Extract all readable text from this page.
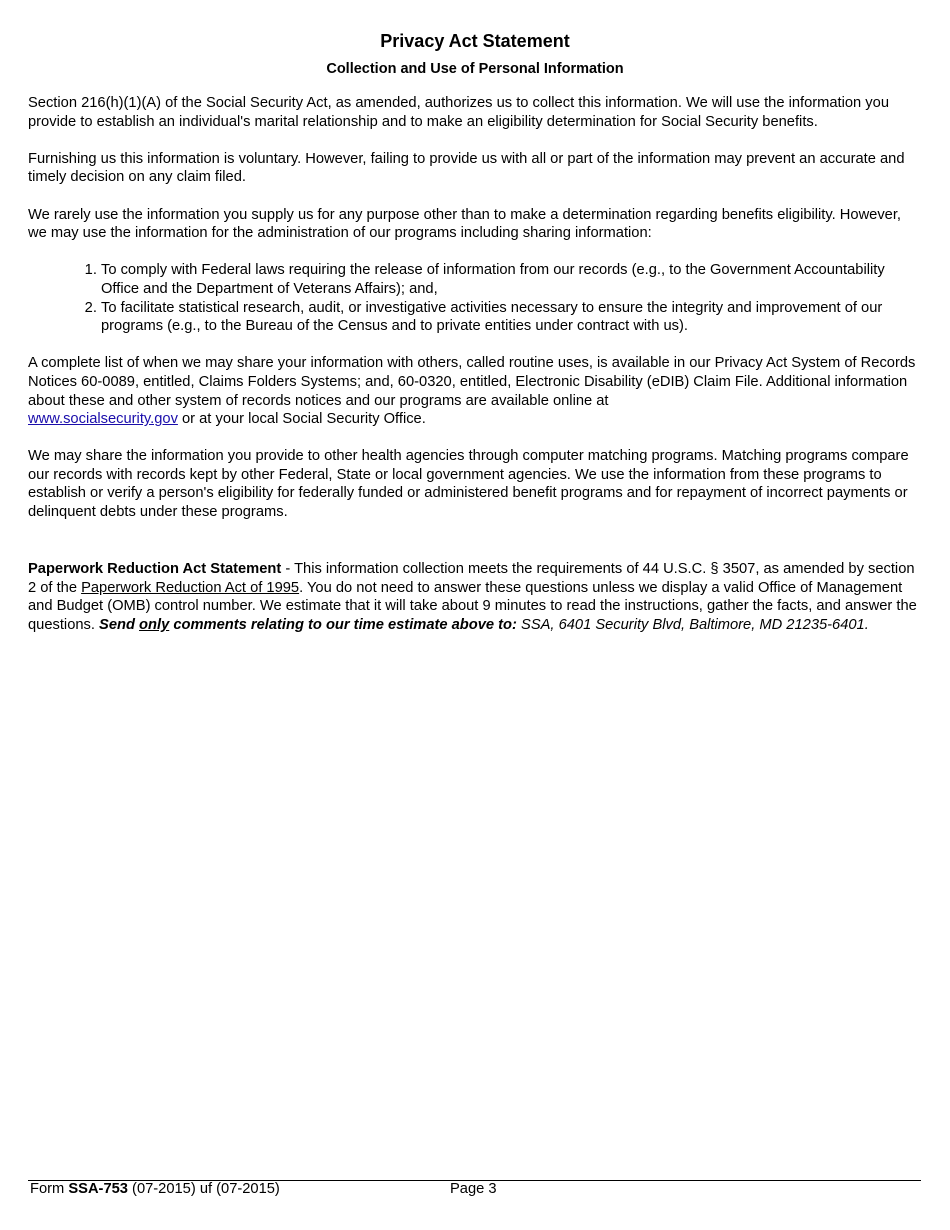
Privacy Act Statement
Collection and Use of Personal Information

Section 216(h)(1)(A) of the Social Security Act, as amended, authorizes us to collect this information. We will use the information you provide to establish an individual's marital relationship and to make an eligibility determination for Social Security benefits.

Furnishing us this information is voluntary. However, failing to provide us with all or part of the information may prevent an accurate and timely decision on any claim filed.

We rarely use the information you supply us for any purpose other than to make a determination regarding benefits eligibility. However, we may use the information for the administration of our programs including sharing information:

1. To comply with Federal laws requiring the release of information from our records (e.g., to the Government Accountability Office and the Department of Veterans Affairs); and,
2. To facilitate statistical research, audit, or investigative activities necessary to ensure the integrity and improvement of our programs (e.g., to the Bureau of the Census and to private entities under contract with us).

A complete list of when we may share your information with others, called routine uses, is available in our Privacy Act System of Records Notices 60-0089, entitled, Claims Folders Systems; and, 60-0320, entitled, Electronic Disability (eDIB) Claim File. Additional information about these and other system of records notices and our programs are available online at
www.socialsecurity.gov or at your local Social Security Office.

We may share the information you provide to other health agencies through computer matching programs. Matching programs compare our records with records kept by other Federal, State or local government agencies. We use the information from these programs to establish or verify a person's eligibility for federally funded or administered benefit programs and for repayment of incorrect payments or delinquent debts under these programs.

Paperwork Reduction Act Statement - This information collection meets the requirements of 44 U.S.C. § 3507, as amended by section 2 of the Paperwork Reduction Act of 1995. You do not need to answer these questions unless we display a valid Office of Management and Budget (OMB) control number. We estimate that it will take about 9 minutes to read the instructions, gather the facts, and answer the questions. Send only comments relating to our time estimate above to: SSA, 6401 Security Blvd, Baltimore, MD 21235-6401.

Form SSA-753 (07-2015) uf (07-2015)	Page 3
